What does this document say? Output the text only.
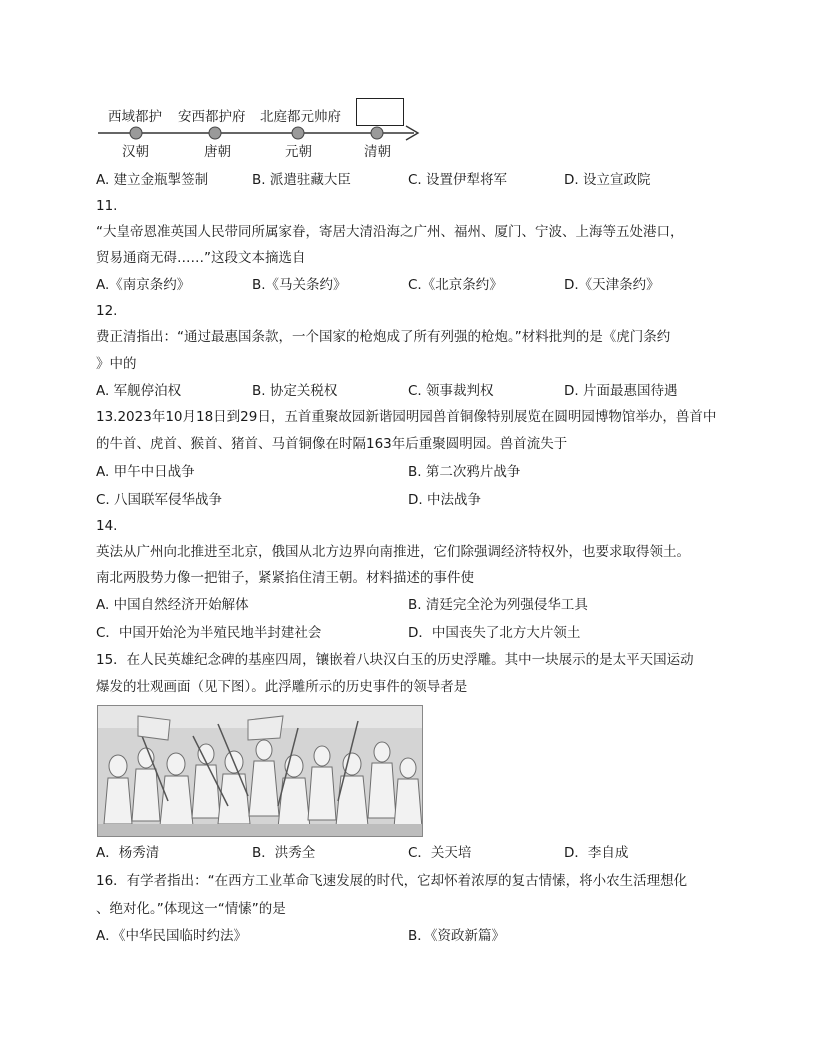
西域都护 安西都护府 北庭都元帅府
汉朝	唐朝	元朝	清朝
A. 建立金瓶掣签制	B. 派遣驻藏大臣	C. 设置伊犁将军	D. 设立宣政院
11.
“大皇帝恩准英国人民带同所属家眷，寄居大清沿海之广州、福州、厦门、宁波、上海等五处港口，
贸易通商无碍……”这段文本摘选自
A.《南京条约》	B.《马关条约》	C.《北京条约》	D.《天津条约》
12.
费正清指出：“通过最惠国条款，一个国家的枪炮成了所有列强的枪炮。”材料批判的是《虎门条约
》中的
A. 军舰停泊权	B. 协定关税权	C. 领事裁判权	D. 片面最惠国待遇
13.2023年10月18日到29日，五首重聚故园新谐园明园兽首铜像特别展览在圆明园博物馆举办，兽首中
的牛首、虎首、猴首、猪首、马首铜像在时隔163年后重聚圆明园。兽首流失于
A. 甲午中日战争	B. 第二次鸦片战争
C. 八国联军侵华战争	D. 中法战争
14.
英法从广州向北推进至北京，俄国从北方边界向南推进，它们除强调经济特权外，也要求取得领土。
南北两股势力像一把钳子，紧紧掐住清王朝。材料描述的事件使
A. 中国自然经济开始解体	B. 清廷完全沦为列强侵华工具
C．中国开始沦为半殖民地半封建社会	D．中国丧失了北方大片领土
15．在人民英雄纪念碑的基座四周，镶嵌着八块汉白玉的历史浮雕。其中一块展示的是太平天国运动
爆发的壮观画面（见下图）。此浮雕所示的历史事件的领导者是
A．杨秀清	B．洪秀全	C．关天培	D．李自成
16．有学者指出：“在西方工业革命飞速发展的时代，它却怀着浓厚的复古情愫，将小农生活理想化
、绝对化。”体现这一“情愫”的是
A．《中华民国临时约法》	B．《资政新篇》
